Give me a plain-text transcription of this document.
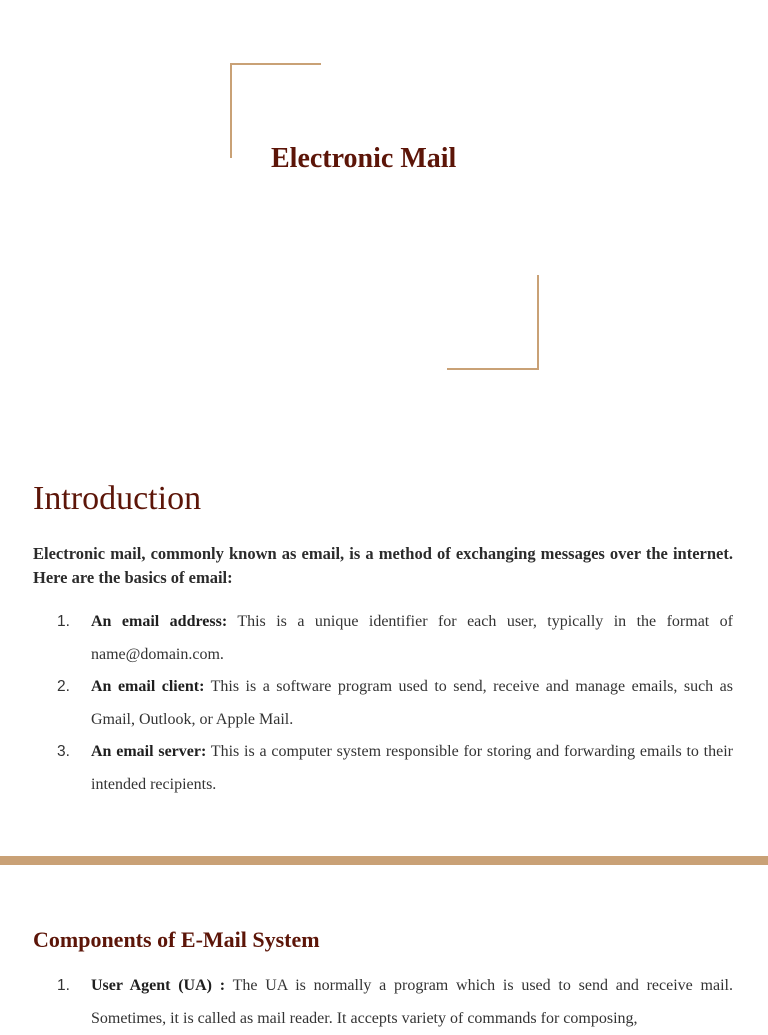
Electronic Mail
Introduction

Electronic mail, commonly known as email, is a method of exchanging messages over the internet. Here are the basics of email:

1. An email address: This is a unique identifier for each user, typically in the format of name@domain.com.
2. An email client: This is a software program used to send, receive and manage emails, such as Gmail, Outlook, or Apple Mail.
3. An email server: This is a computer system responsible for storing and forwarding emails to their intended recipients.
Components of E-Mail System
1. User Agent (UA) : The UA is normally a program which is used to send and receive mail. Sometimes, it is called as mail reader. It accepts variety of commands for composing,
